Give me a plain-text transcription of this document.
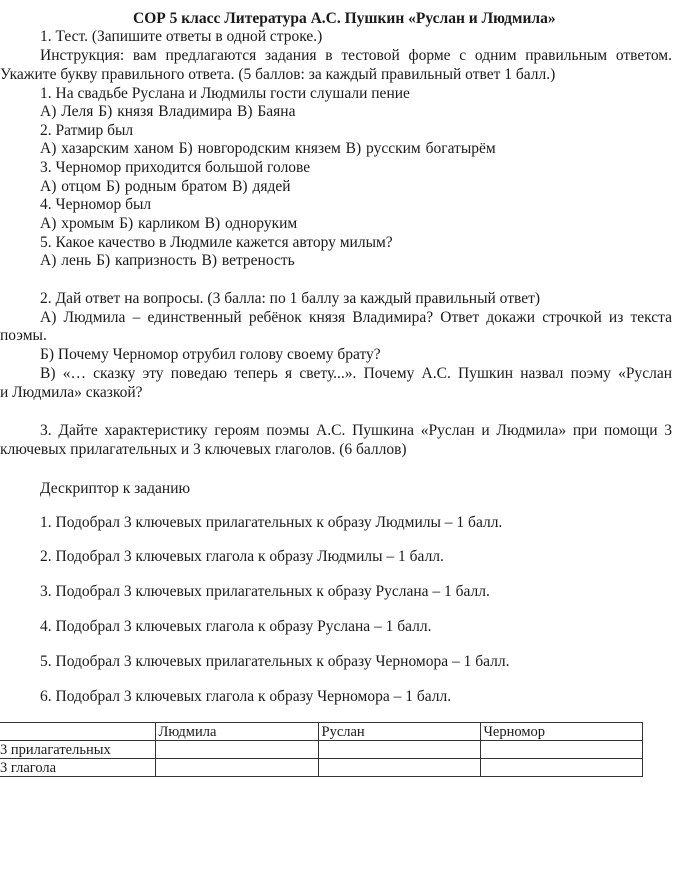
СОР 5 класс Литература А.С. Пушкин «Руслан и Людмила»
1. Тест. (Запишите ответы в одной строке.)
Инструкция: вам предлагаются задания в тестовой форме с одним правильным ответом.
Укажите букву правильного ответа. (5 баллов: за каждый правильный ответ 1 балл.)
1. На свадьбе Руслана и Людмилы гости слушали пение
А) Леля Б) князя Владимира В) Баяна
2. Ратмир был
А) хазарским ханом Б) новгородским князем В) русским богатырём
3. Черномор приходится большой голове
А) отцом Б) родным братом В) дядей
4. Черномор был
А) хромым Б) карликом В) одноруким
5. Какое качество в Людмиле кажется автору милым?
А) лень Б) капризность В) ветреность
2. Дай ответ на вопросы. (3 балла: по 1 баллу за каждый правильный ответ)
А) Людмила – единственный ребёнок князя Владимира? Ответ докажи строчкой из текста
поэмы.
Б) Почему Черномор отрубил голову своему брату?
В) «… сказку эту поведаю теперь я свету...». Почему А.С. Пушкин назвал поэму «Руслан
и Людмила» сказкой?
3. Дайте характеристику героям поэмы А.С. Пушкина «Руслан и Людмила» при помощи 3
ключевых прилагательных и 3 ключевых глаголов. (6 баллов)
Дескриптор к заданию
1. Подобрал 3 ключевых прилагательных к образу Людмилы – 1 балл.
2. Подобрал 3 ключевых глагола к образу Людмилы – 1 балл.
3. Подобрал 3 ключевых прилагательных к образу Руслана – 1 балл.
4. Подобрал 3 ключевых глагола к образу Руслана – 1 балл.
5. Подобрал 3 ключевых прилагательных к образу Черномора – 1 балл.
6. Подобрал 3 ключевых глагола к образу Черномора – 1 балл.
	Людмила	Руслан	Черномор
3 прилагательных			
3 глагола			
